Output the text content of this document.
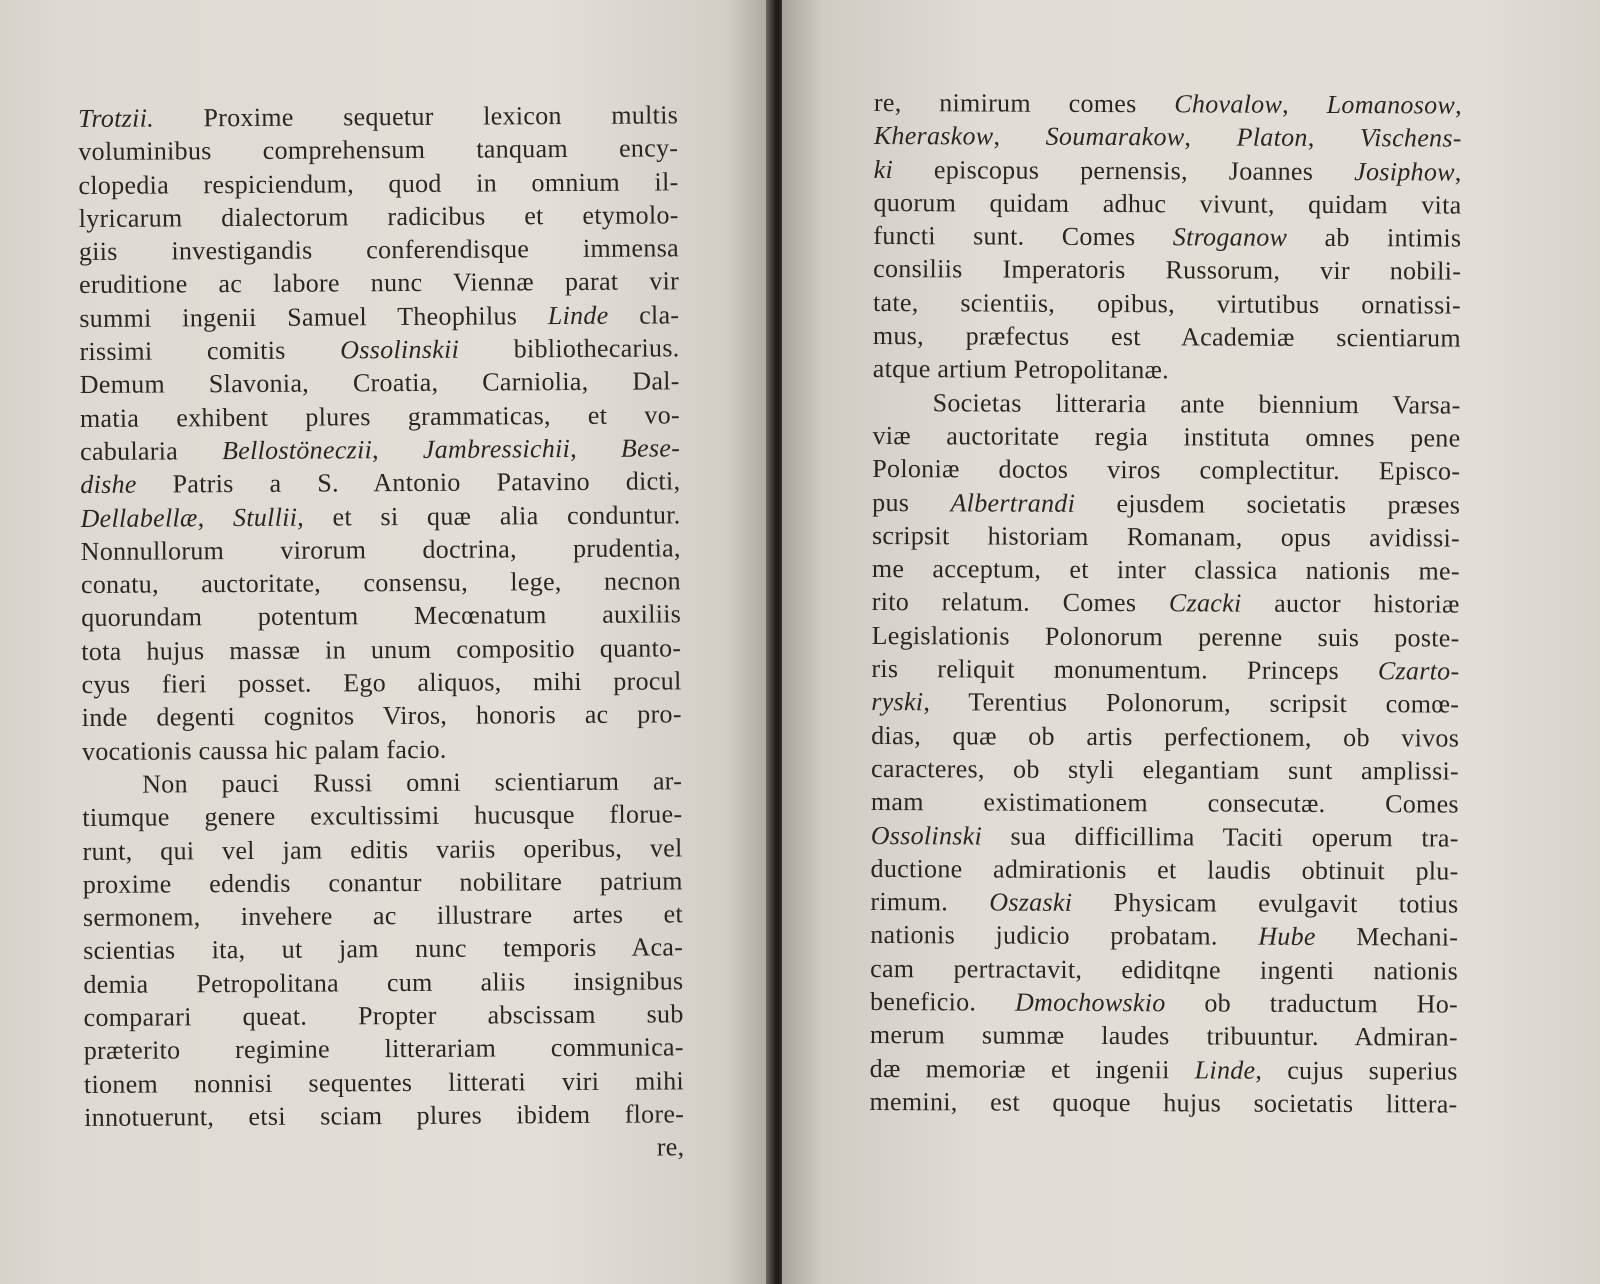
Trotzii. Proxime sequetur lexicon multis
voluminibus comprehensum tanquam ency-
clopedia respiciendum, quod in omnium il-
lyricarum dialectorum radicibus et etymolo-
giis investigandis conferendisque immensa
eruditione ac labore nunc Viennæ parat vir
summi ingenii Samuel Theophilus Linde cla-
rissimi comitis Ossolinskii bibliothecarius.
Demum Slavonia, Croatia, Carniolia, Dal-
matia exhibent plures grammaticas, et vo-
cabularia Bellostöneczii, Jambressichii, Bese-
dishe Patris a S. Antonio Patavino dicti,
Dellabellæ, Stullii, et si quæ alia conduntur.
Nonnullorum virorum doctrina, prudentia,
conatu, auctoritate, consensu, lege, necnon
quorundam potentum Mecœnatum auxiliis
tota hujus massæ in unum compositio quanto-
cyus fieri posset. Ego aliquos, mihi procul
inde degenti cognitos Viros, honoris ac pro-
vocationis caussa hic palam facio.
Non pauci Russi omni scientiarum ar-
tiumque genere excultissimi hucusque florue-
runt, qui vel jam editis variis operibus, vel
proxime edendis conantur nobilitare patrium
sermonem, invehere ac illustrare artes et
scientias ita, ut jam nunc temporis Aca-
demia Petropolitana cum aliis insignibus
comparari queat. Propter abscissam sub
præterito regimine litterariam communica-
tionem nonnisi sequentes litterati viri mihi
innotuerunt, etsi sciam plures ibidem flore-
re,
re, nimirum comes Chovalow, Lomanosow,
Kheraskow, Soumarakow, Platon, Vischens-
ki episcopus pernensis, Joannes Josiphow,
quorum quidam adhuc vivunt, quidam vita
functi sunt. Comes Stroganow ab intimis
consiliis Imperatoris Russorum, vir nobili-
tate, scientiis, opibus, virtutibus ornatissi-
mus, præfectus est Academiæ scientiarum
atque artium Petropolitanæ.
Societas litteraria ante biennium Varsa-
viæ auctoritate regia instituta omnes pene
Poloniæ doctos viros complectitur. Episco-
pus Albertrandi ejusdem societatis præses
scripsit historiam Romanam, opus avidissi-
me acceptum, et inter classica nationis me-
rito relatum. Comes Czacki auctor historiæ
Legislationis Polonorum perenne suis poste-
ris reliquit monumentum. Princeps Czarto-
ryski, Terentius Polonorum, scripsit comœ-
dias, quæ ob artis perfectionem, ob vivos
caracteres, ob styli elegantiam sunt amplissi-
mam existimationem consecutæ. Comes
Ossolinski sua difficillima Taciti operum tra-
ductione admirationis et laudis obtinuit plu-
rimum. Oszaski Physicam evulgavit totius
nationis judicio probatam. Hube Mechani-
cam pertractavit, ediditqne ingenti nationis
beneficio. Dmochowskio ob traductum Ho-
merum summæ laudes tribuuntur. Admiran-
dæ memoriæ et ingenii Linde, cujus superius
memini, est quoque hujus societatis littera-
